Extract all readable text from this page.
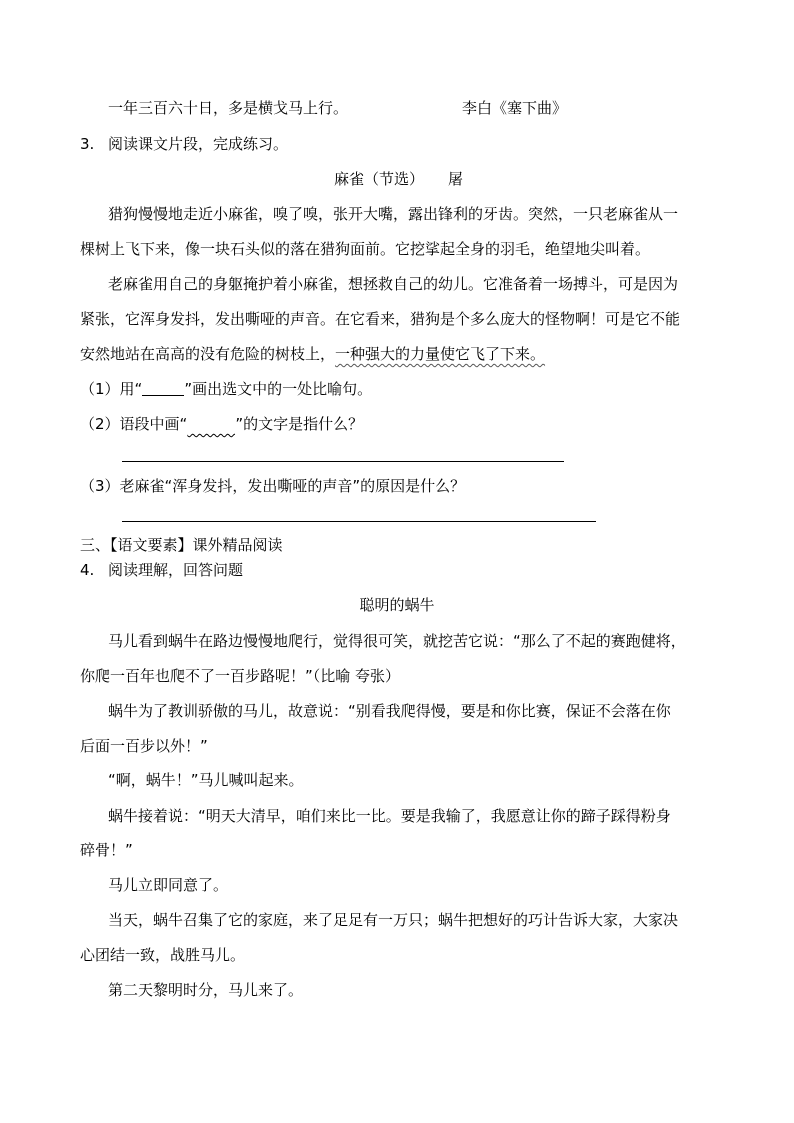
一年三百六十日，多是横戈马上行。	李白《塞下曲》
3. 阅读课文片段，完成练习。
麻雀（节选） 屠
猎狗慢慢地走近小麻雀，嗅了嗅，张开大嘴，露出锋利的牙齿。突然，一只老麻雀从一
棵树上飞下来，像一块石头似的落在猎狗面前。它挖挲起全身的羽毛，绝望地尖叫着。
老麻雀用自己的身躯掩护着小麻雀，想拯救自己的幼儿。它准备着一场搏斗，可是因为
紧张，它浑身发抖，发出嘶哑的声音。在它看来，猎狗是个多么庞大的怪物啊！可是它不能
安然地站在高高的没有危险的树枝上，一种强大的力量使它飞了下来。
（1）用“	”画出选文中的一处比喻句。
（2）语段中画“	”的文字是指什么？
（3）老麻雀“浑身发抖，发出嘶哑的声音”的原因是什么？
三、【语文要素】课外精品阅读
4. 阅读理解，回答问题
聪明的蜗牛
马儿看到蜗牛在路边慢慢地爬行，觉得很可笑，就挖苦它说：“那么了不起的赛跑健将，
你爬一百年也爬不了一百步路呢！”（比喻 夸张）
蜗牛为了教训骄傲的马儿，故意说：“别看我爬得慢，要是和你比赛，保证不会落在你
后面一百步以外！”
“啊，蜗牛！”马儿喊叫起来。
蜗牛接着说：“明天大清早，咱们来比一比。要是我输了，我愿意让你的蹄子踩得粉身
碎骨！”
马儿立即同意了。
当天，蜗牛召集了它的家庭，来了足足有一万只；蜗牛把想好的巧计告诉大家，大家决
心团结一致，战胜马儿。
第二天黎明时分，马儿来了。
